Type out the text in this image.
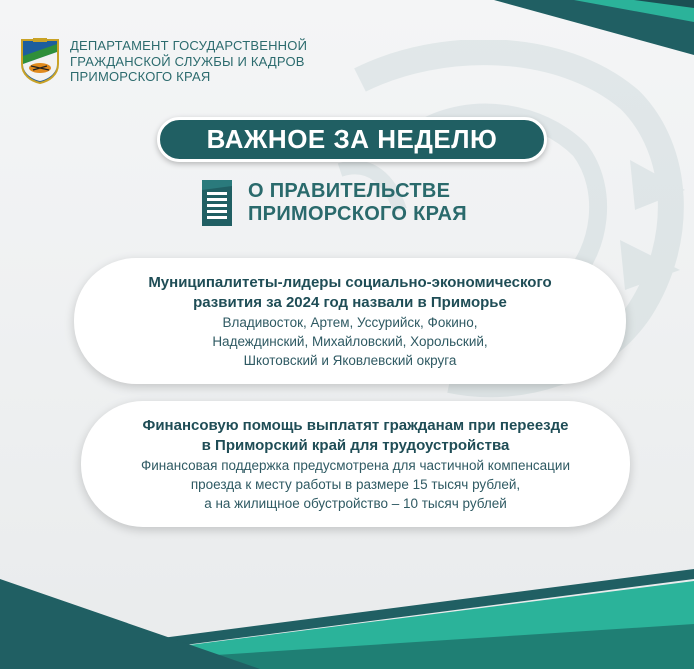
ДЕПАРТАМЕНТ ГОСУДАРСТВЕННОЙ
ГРАЖДАНСКОЙ СЛУЖБЫ И КАДРОВ
ПРИМОРСКОГО КРАЯ
ВАЖНОЕ ЗА НЕДЕЛЮ
О ПРАВИТЕЛЬСТВЕ
ПРИМОРСКОГО КРАЯ
Муниципалитеты-лидеры социально-экономического
развития за 2024 год назвали в Приморье
Владивосток, Артем, Уссурийск, Фокино,
Надеждинский, Михайловский, Хорольский,
Шкотовский и Яковлевский округа
Финансовую помощь выплатят гражданам при переезде
в Приморский край для трудоустройства
Финансовая поддержка предусмотрена для частичной компенсации
проезда к месту работы в размере 15 тысяч рублей,
а на жилищное обустройство – 10 тысяч рублей
